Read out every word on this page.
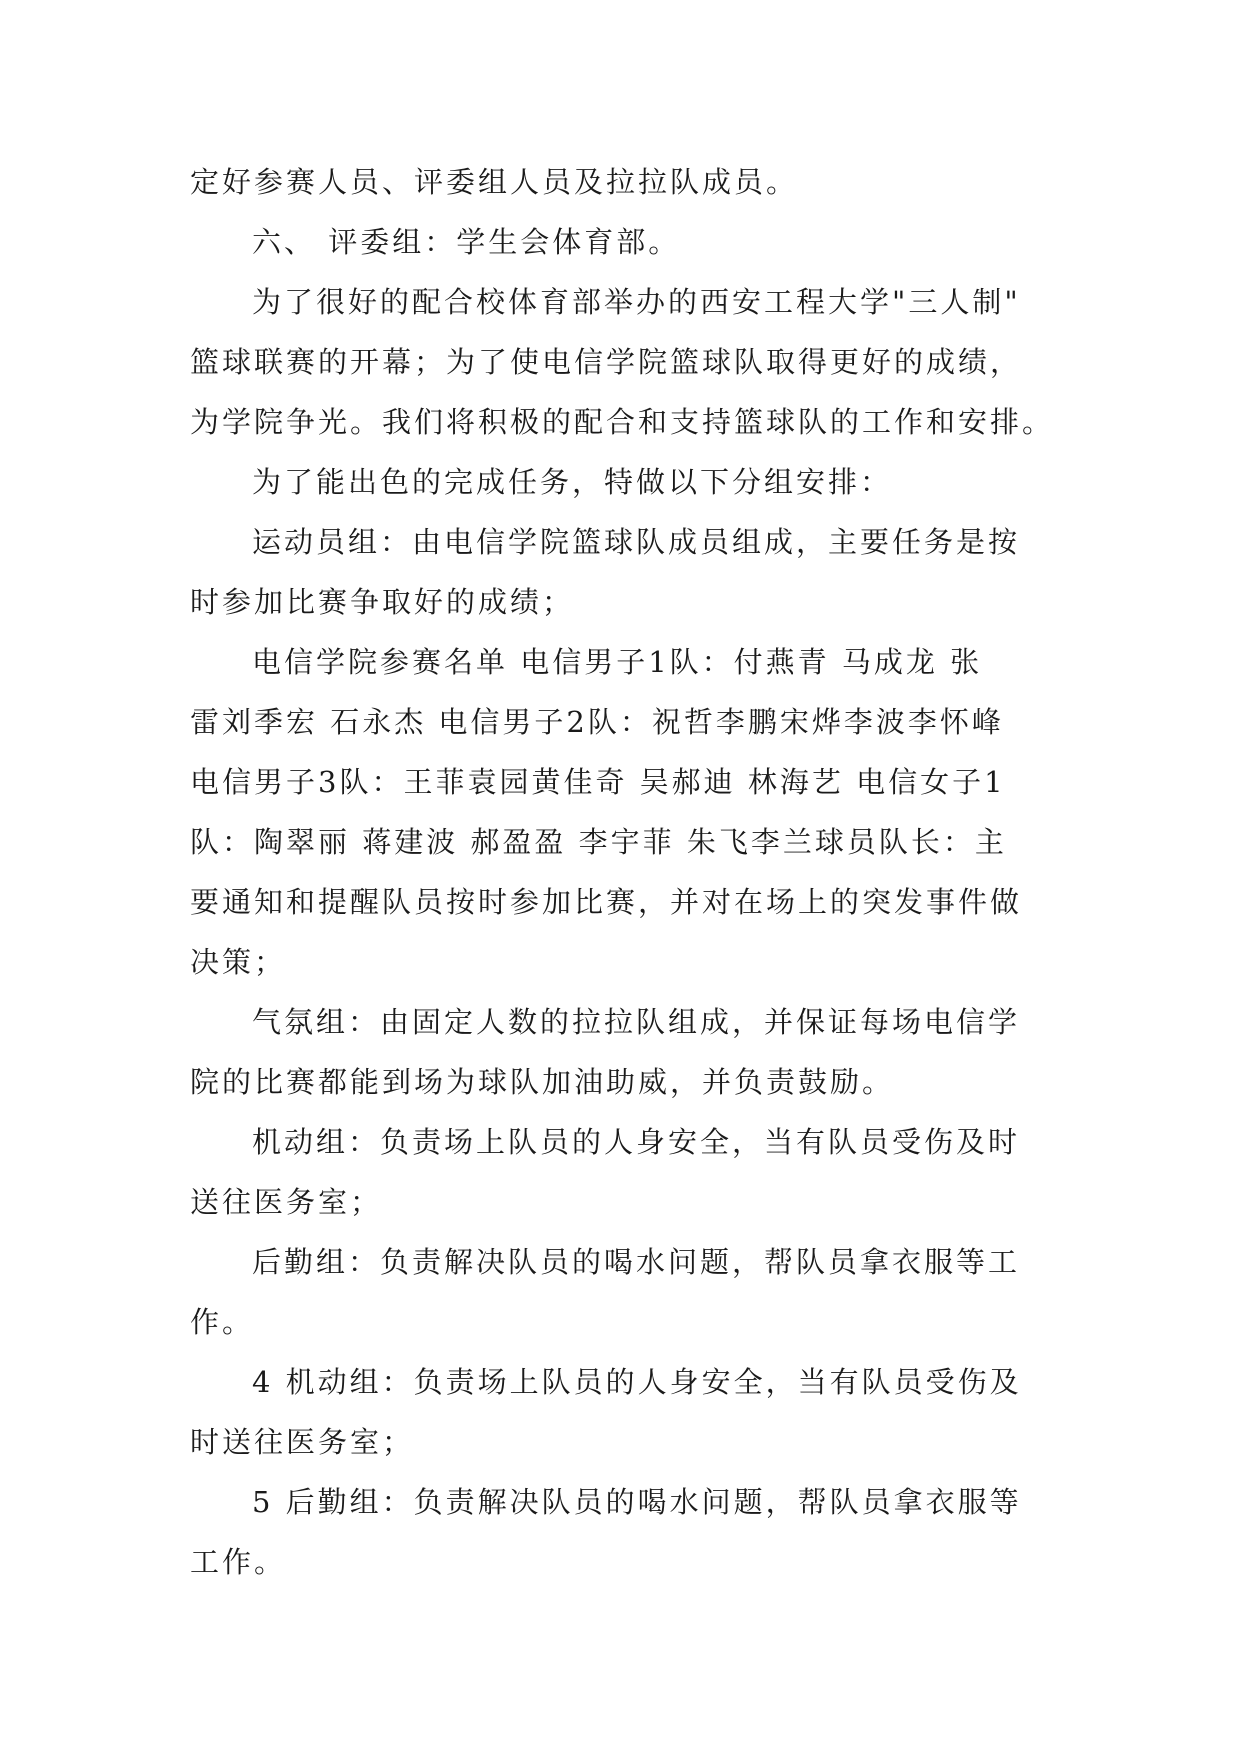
定好参赛人员、评委组人员及拉拉队成员。

六、 评委组：学生会体育部。

为了很好的配合校体育部举办的西安工程大学"三人制"
篮球联赛的开幕；为了使电信学院篮球队取得更好的成绩，
为学院争光。我们将积极的配合和支持篮球队的工作和安排。

为了能出色的完成任务，特做以下分组安排：

运动员组：由电信学院篮球队成员组成，主要任务是按
时参加比赛争取好的成绩；

电信学院参赛名单 电信男子1队：付燕青 马成龙 张
雷刘季宏 石永杰 电信男子2队：祝哲李鹏宋烨李波李怀峰
电信男子3队：王菲袁园黄佳奇 吴郝迪 林海艺 电信女子1
队：陶翠丽 蒋建波 郝盈盈 李宇菲 朱飞李兰球员队长：主
要通知和提醒队员按时参加比赛，并对在场上的突发事件做
决策；

气氛组：由固定人数的拉拉队组成，并保证每场电信学
院的比赛都能到场为球队加油助威，并负责鼓励。

机动组：负责场上队员的人身安全，当有队员受伤及时
送往医务室；

后勤组：负责解决队员的喝水问题，帮队员拿衣服等工
作。

4 机动组：负责场上队员的人身安全，当有队员受伤及
时送往医务室；

5 后勤组：负责解决队员的喝水问题，帮队员拿衣服等
工作。
